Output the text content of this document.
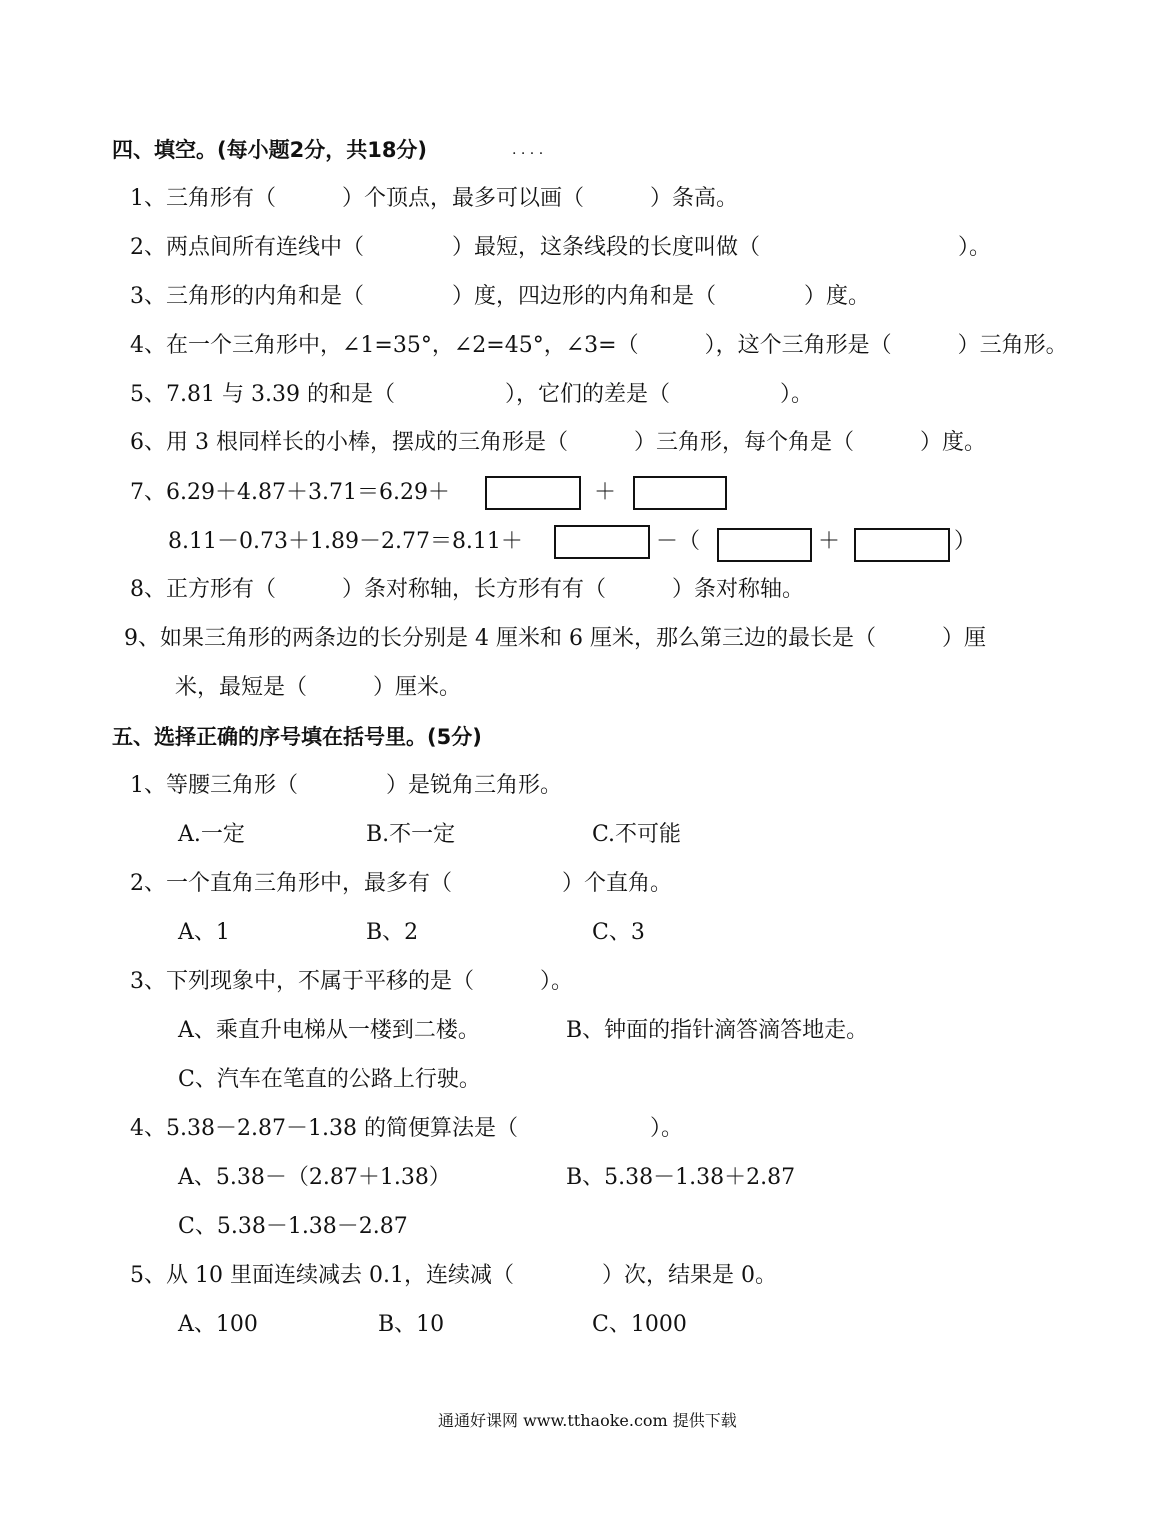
四、填空。(每小题2分，共18分)	. . . .
1、三角形有（　　　）个顶点，最多可以画（　　　）条高。
2、两点间所有连线中（　　　　）最短，这条线段的长度叫做（　　　　　　　　　）。
3、三角形的内角和是（　　　　）度，四边形的内角和是（　　　　）度。
4、在一个三角形中，∠1=35°，∠2=45°，∠3=（　　　），这个三角形是（　　　）三角形。
5、7.81 与 3.39 的和是（　　　　　），它们的差是（　　　　　）。
6、用 3 根同样长的小棒，摆成的三角形是（　　　）三角形，每个角是（　　　）度。
7、6.29＋4.87＋3.71＝6.29＋	＋
8.11－0.73＋1.89－2.77＝8.11＋	－（	＋	）
8、正方形有（　　　）条对称轴，长方形有有（　　　）条对称轴。
9、如果三角形的两条边的长分别是 4 厘米和 6 厘米，那么第三边的最长是（　　　）厘
米，最短是（　　　）厘米。
五、选择正确的序号填在括号里。(5分)
1、等腰三角形（　　　　）是锐角三角形。
A.一定	B.不一定	C.不可能
2、一个直角三角形中，最多有（　　　　　）个直角。
A、1	B、2	C、3
3、下列现象中，不属于平移的是（　　　）。
A、乘直升电梯从一楼到二楼。	B、钟面的指针滴答滴答地走。
C、汽车在笔直的公路上行驶。
4、5.38－2.87－1.38 的简便算法是（　　　　　　）。
A、5.38－（2.87＋1.38）	B、5.38－1.38＋2.87
C、5.38－1.38－2.87
5、从 10 里面连续减去 0.1，连续减（　　　　）次，结果是 0。
A、100	B、10	C、1000
通通好课网 www.tthaoke.com 提供下载
